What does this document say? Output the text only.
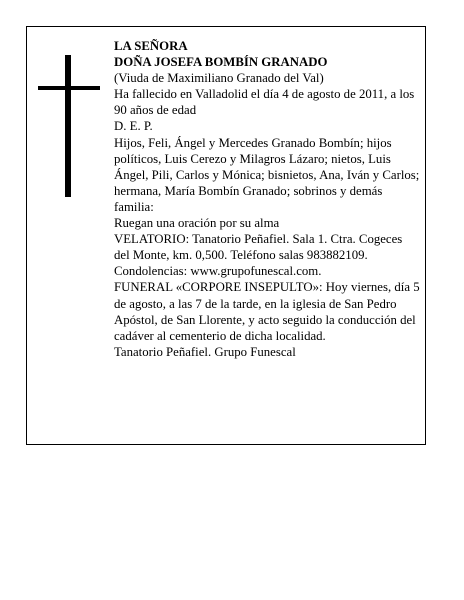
LA SEÑORA

DOÑA JOSEFA BOMBÍN GRANADO

(Viuda de Maximiliano Granado del Val)

Ha fallecido en Valladolid el día 4 de agosto de 2011, a los 90 años de edad

D. E. P.

Hijos, Feli, Ángel y Mercedes Granado Bombín; hijos políticos, Luis Cerezo y Milagros Lázaro; nietos, Luis Ángel, Pili, Carlos y Mónica; bisnietos, Ana, Iván y Carlos; hermana, María Bombín Granado; sobrinos y demás familia:

Ruegan una oración por su alma

VELATORIO: Tanatorio Peñafiel. Sala 1. Ctra. Cogeces del Monte, km. 0,500. Teléfono salas 983882109. Condolencias: www.grupofunescal.com.

FUNERAL «CORPORE INSEPULTO»: Hoy viernes, día 5 de agosto, a las 7 de la tarde, en la iglesia de San Pedro Apóstol, de San Llorente, y acto seguido la conducción del cadáver al cementerio de dicha localidad.

Tanatorio Peñafiel. Grupo Funescal
